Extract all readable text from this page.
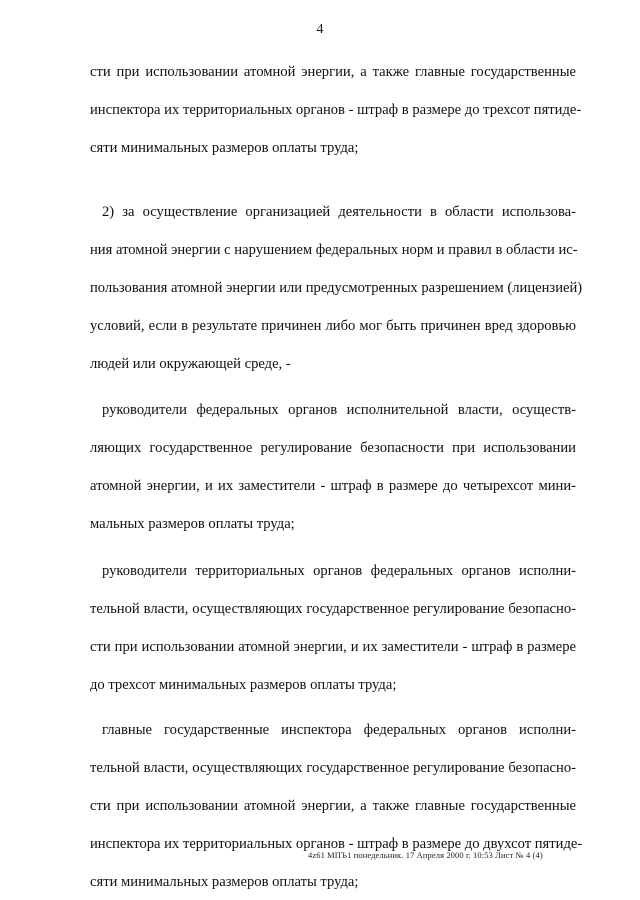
4
сти при использовании атомной энергии, а также главные государственные
инспектора их территориальных органов - штраф в размере до трехсот пятиде-
сяти минимальных размеров оплаты труда;
2) за осуществление организацией деятельности в области использова-
ния атомной энергии с нарушением федеральных норм и правил в области ис-
пользования атомной энергии или предусмотренных разрешением (лицензией)
условий, если в результате причинен либо мог быть причинен вред здоровью
людей или окружающей среде, -
руководители федеральных органов исполнительной власти, осуществ-
ляющих государственное регулирование безопасности при использовании
атомной энергии, и их заместители - штраф в размере до четырехсот мини-
мальных размеров оплаты труда;
руководители территориальных органов федеральных органов исполни-
тельной власти, осуществляющих государственное регулирование безопасно-
сти при использовании атомной энергии, и их заместители - штраф в размере
до трехсот минимальных размеров оплаты труда;
главные государственные инспектора федеральных органов исполни-
тельной власти, осуществляющих государственное регулирование безопасно-
сти при использовании атомной энергии, а также главные государственные
инспектора их территориальных органов - штраф в размере до двухсот пятиде-
сяти минимальных размеров оплаты труда;
4z61 МПЪ1 понедельник. 17 Апреля 2000 г. 10:53 Лист № 4 (4)
